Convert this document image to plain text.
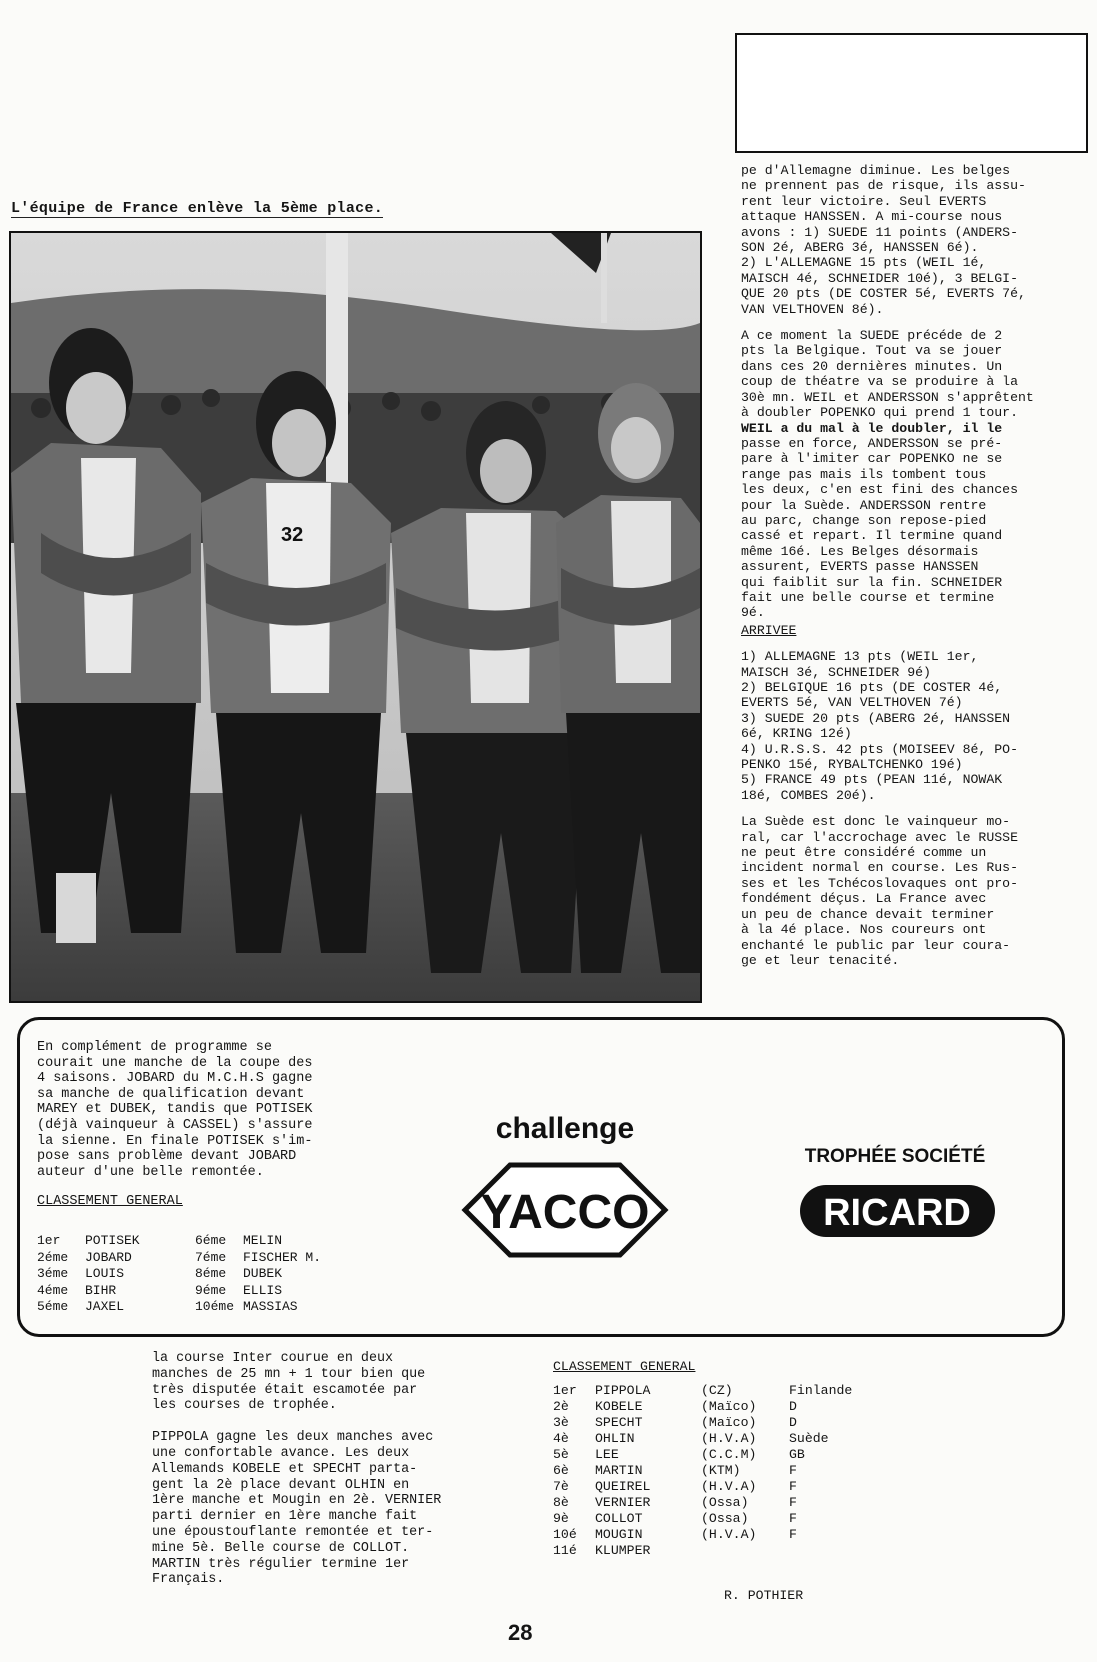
L'équipe de France enlève la 5ème place.
32

pe d'Allemagne diminue. Les belges
ne prennent pas de risque, ils assu-
rent leur victoire. Seul EVERTS
attaque HANSSEN. A mi-course nous
avons : 1) SUEDE 11 points (ANDERS-
SON 2é, ABERG 3é, HANSSEN 6é).
2) L'ALLEMAGNE 15 pts (WEIL 1é,
MAISCH 4é, SCHNEIDER 10é), 3 BELGI-
QUE 20 pts (DE COSTER 5é, EVERTS 7é,
VAN VELTHOVEN 8é).

A ce moment la SUEDE précéde de 2
pts la Belgique. Tout va se jouer
dans ces 20 dernières minutes. Un
coup de théatre va se produire à la
30è mn. WEIL et ANDERSSON s'apprêtent
à doubler POPENKO qui prend 1 tour.

WEIL a du mal à le doubler, il le

passe en force, ANDERSSON se pré-
pare à l'imiter car POPENKO ne se
range pas mais ils tombent tous
les deux, c'en est fini des chances
pour la Suède. ANDERSSON rentre
au parc, change son repose-pied
cassé et repart. Il termine quand
même 16é. Les Belges désormais
assurent, EVERTS passe HANSSEN
qui faiblit sur la fin. SCHNEIDER
fait une belle course et termine
9é.

ARRIVEE

1) ALLEMAGNE 13 pts (WEIL 1er,
MAISCH 3é, SCHNEIDER 9é)
2) BELGIQUE 16 pts (DE COSTER 4é,
EVERTS 5é, VAN VELTHOVEN 7é)
3) SUEDE 20 pts (ABERG 2é, HANSSEN
6é, KRING 12é)
4) U.R.S.S. 42 pts (MOISEEV 8é, PO-
PENKO 15é, RYBALTCHENKO 19é)
5) FRANCE 49 pts (PEAN 11é, NOWAK
18é, COMBES 20é).

La Suède est donc le vainqueur mo-
ral, car l'accrochage avec le RUSSE
ne peut être considéré comme un
incident normal en course. Les Rus-
ses et les Tchécoslovaques ont pro-
fondément déçus. La France avec
un peu de chance devait terminer
à la 4é place. Nos coureurs ont
enchanté le public par leur coura-
ge et leur tenacité.

En complément de programme se
courait une manche de la coupe des
4 saisons. JOBARD du M.C.H.S gagne
sa manche de qualification devant
MAREY et DUBEK, tandis que POTISEK
(déjà vainqueur à CASSEL) s'assure
la sienne. En finale POTISEK s'im-
pose sans problème devant JOBARD
auteur d'une belle remontée.

CLASSEMENT GENERAL

1er	POTISEK	6éme	MELIN
2éme	JOBARD	7éme	FISCHER M.
3éme	LOUIS	8éme	DUBEK
4éme	BIHR	9éme	ELLIS
5éme	JAXEL	10éme	MASSIAS
challenge
YACCO
TROPHÉE SOCIÉTÉ
RICARD

la course Inter courue en deux
manches de 25 mn + 1 tour bien que
très disputée était escamotée par
les courses de trophée.

PIPPOLA gagne les deux manches avec
une confortable avance. Les deux
Allemands KOBELE et SPECHT parta-
gent la 2è place devant OLHIN en
1ère manche et Mougin en 2è. VERNIER
parti dernier en 1ère manche fait
une époustouflante remontée et ter-
mine 5è. Belle course de COLLOT.
MARTIN très régulier termine 1er
Français.

CLASSEMENT GENERAL

1er	PIPPOLA	(CZ)	Finlande
2è	KOBELE	(Maïco)	D
3è	SPECHT	(Maïco)	D
4è	OHLIN	(H.V.A)	Suède
5è	LEE	(C.C.M)	GB
6è	MARTIN	(KTM)	F
7è	QUEIREL	(H.V.A)	F
8è	VERNIER	(Ossa)	F
9è	COLLOT	(Ossa)	F
10é	MOUGIN	(H.V.A)	F
11é	KLUMPER		
R. POTHIER
28
